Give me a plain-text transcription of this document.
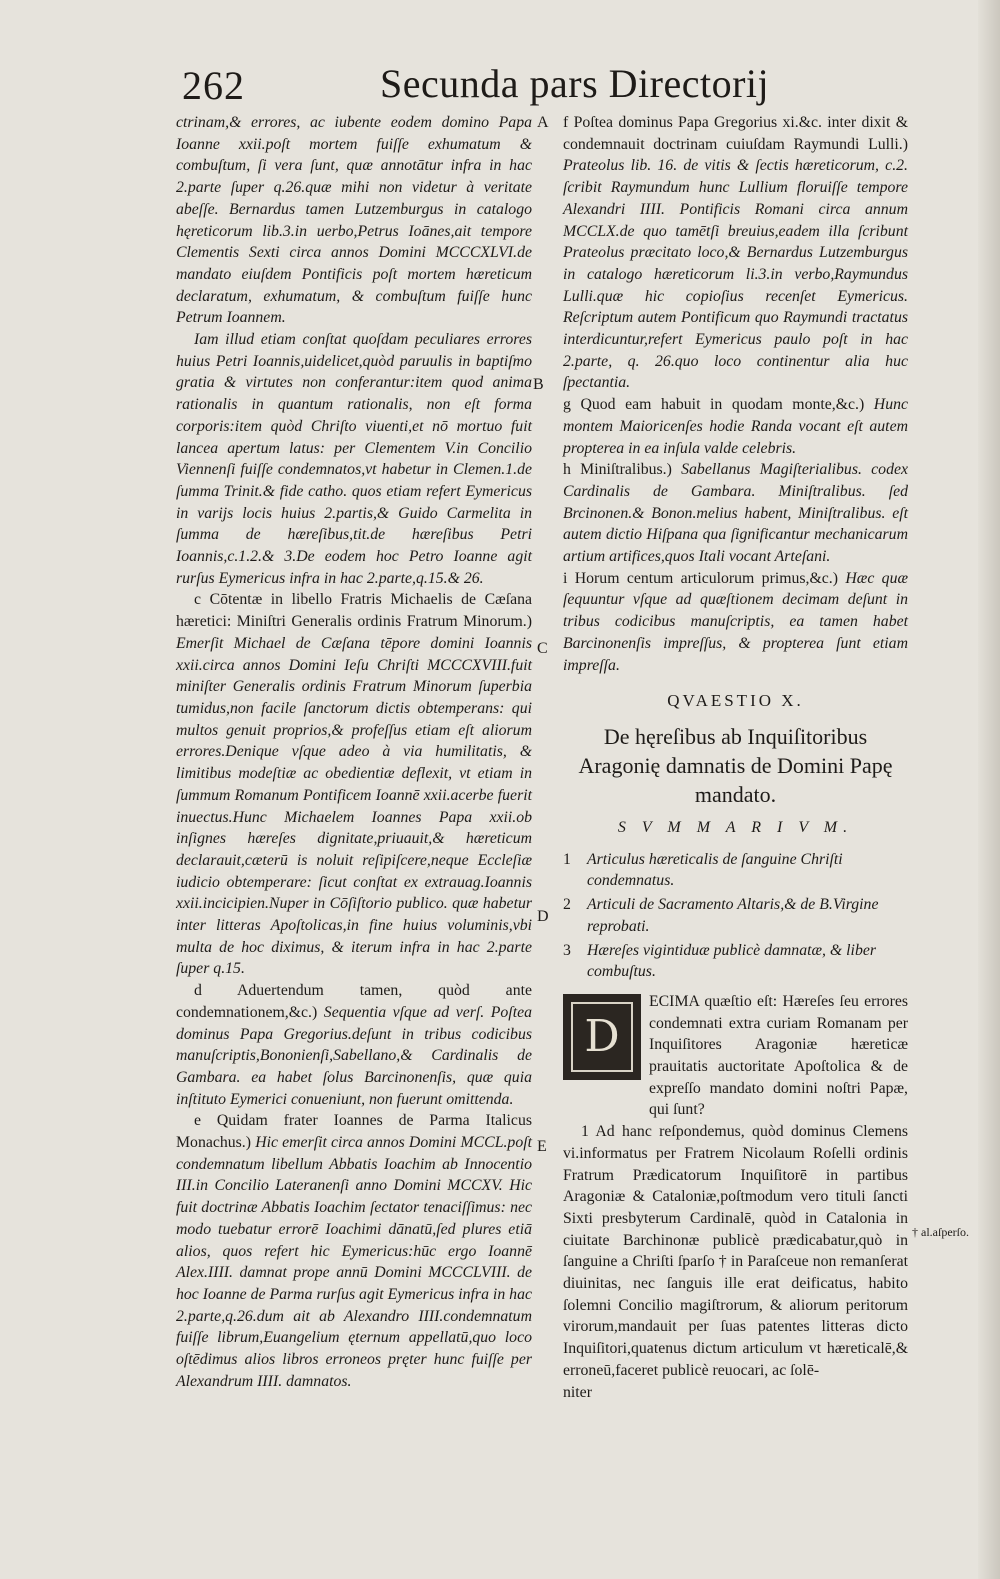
262	Secunda pars Directorij
A
B
C
D
E
† al.aſperſo.

ctrinam,& errores, ac iubente eodem domino Papa Ioanne xxii.poſt mortem fuiſſe exhumatum & combuſtum, ſi vera ſunt, quæ annotātur infra in hac 2.parte ſuper q.26.quæ mihi non videtur à veritate abeſſe. Bernardus tamen Lutzemburgus in catalogo hęreticorum lib.3.in uerbo,Petrus Ioānes,ait tempore Clementis Sexti circa annos Domini MCCCXLVI.de mandato eiuſdem Pontificis poſt mortem hæreticum declaratum, exhumatum, & combuſtum fuiſſe hunc Petrum Ioannem.

Iam illud etiam conſtat quoſdam peculiares errores huius Petri Ioannis,uidelicet,quòd paruulis in baptiſmo gratia & virtutes non conferantur:item quod anima rationalis in quantum rationalis, non eſt forma corporis:item quòd Chriſto viuenti,et nō mortuo fuit lancea apertum latus: per Clementem V.in Concilio Viennenſi fuiſſe condemnatos,vt habetur in Clemen.1.de ſumma Trinit.& fide catho. quos etiam refert Eymericus in varijs locis huius 2.partis,& Guido Carmelita in ſumma de hæreſibus,tit.de hæreſibus Petri Ioannis,c.1.2.& 3.De eodem hoc Petro Ioanne agit rurſus Eymericus infra in hac 2.parte,q.15.& 26.

c Cōtentæ in libello Fratris Michaelis de Cæſana hæretici: Miniſtri Generalis ordinis Fratrum Minorum.) Emerſit Michael de Cæſana tēpore domini Ioannis xxii.circa annos Domini Ieſu Chriſti MCCCXVIII.fuit miniſter Generalis ordinis Fratrum Minorum ſuperbia tumidus,non facile ſanctorum dictis obtemperans: qui multos genuit proprios,& profeſſus etiam eſt aliorum errores.Denique vſque adeo à via humilitatis, & limitibus modeſtiæ ac obedientiæ deflexit, vt etiam in ſummum Romanum Pontificem Ioannē xxii.acerbe fuerit inuectus.Hunc Michaelem Ioannes Papa xxii.ob inſignes hæreſes dignitate,priuauit,& hæreticum declarauit,cæterū is noluit reſipiſcere,neque Eccleſiæ iudicio obtemperare: ſicut conſtat ex extrauag.Ioannis xxii.incicipien.Nuper in Cōſiſtorio publico. quæ habetur inter litteras Apoſtolicas,in fine huius voluminis,vbi multa de hoc diximus, & iterum infra in hac 2.parte ſuper q.15.

d Aduertendum tamen, quòd ante condemnationem,&c.) Sequentia vſque ad verſ. Poſtea dominus Papa Gregorius.deſunt in tribus codicibus manuſcriptis,Bononienſi,Sabellano,& Cardinalis de Gambara. ea habet ſolus Barcinonenſis, quæ quia inſtituto Eymerici conueniunt, non fuerunt omittenda.

e Quidam frater Ioannes de Parma Italicus Monachus.) Hic emerſit circa annos Domini MCCL.poſt condemnatum libellum Abbatis Ioachim ab Innocentio III.in Concilio Lateranenſi anno Domini MCCXV. Hic fuit doctrinæ Abbatis Ioachim ſectator tenaciſſimus: nec modo tuebatur errorē Ioachimi dānatū,ſed plures etiā alios, quos refert hic Eymericus:hūc ergo Ioannē Alex.IIII. damnat prope annū Domini MCCCLVIII. de hoc Ioanne de Parma rurſus agit Eymericus infra in hac 2.parte,q.26.dum ait ab Alexandro IIII.condemnatum fuiſſe librum,Euangelium ęternum appellatū,quo loco oſtēdimus alios libros erroneos pręter hunc fuiſſe per Alexandrum IIII. damnatos.

f Poſtea dominus Papa Gregorius xi.&c. inter dixit & condemnauit doctrinam cuiuſdam Raymundi Lulli.) Prateolus lib. 16. de vitis & ſectis hæreticorum, c.2. ſcribit Raymundum hunc Lullium floruiſſe tempore Alexandri IIII. Pontificis Romani circa annum MCCLX.de quo tamētſi breuius,eadem illa ſcribunt Prateolus præcitato loco,& Bernardus Lutzemburgus in catalogo hæreticorum li.3.in verbo,Raymundus Lulli.quæ hic copioſius recenſet Eymericus. Reſcriptum autem Pontificum quo Raymundi tractatus interdicuntur,refert Eymericus paulo poſt in hac 2.parte, q. 26.quo loco continentur alia huc ſpectantia.

g Quod eam habuit in quodam monte,&c.) Hunc montem Maioricenſes hodie Randa vocant eſt autem propterea in ea inſula valde celebris.

h Miniſtralibus.) Sabellanus Magiſterialibus. codex Cardinalis de Gambara. Miniſtralibus. ſed Brcinonen.& Bonon.melius habent, Miniſtralibus. eſt autem dictio Hiſpana qua ſignificantur mechanicarum artium artifices,quos Itali vocant Arteſani.

i Horum centum articulorum primus,&c.) Hæc quæ ſequuntur vſque ad quæſtionem decimam deſunt in tribus codicibus manuſcriptis, ea tamen habet Barcinonenſis impreſſus, & propterea ſunt etiam impreſſa.

QVAESTIO X.
De hęreſibus ab Inquiſitoribus Aragonię damnatis de Domini Papę mandato.
S V M M A R I V M.
1	Articulus hæreticalis de ſanguine Chriſti condemnatus.
2	Articuli de Sacramento Altaris,& de B.Virgine reprobati.
3	Hæreſes vigintiduæ publicè damnatæ, & liber combuſtus.
D

ECIMA quæſtio eſt: Hæreſes ſeu errores condemnati extra curiam Romanam per Inquiſitores Aragoniæ hæreticæ prauitatis auctoritate Apoſtolica & de expreſſo mandato domini noſtri Papæ, qui ſunt?

1 Ad hanc reſpondemus, quòd dominus Clemens vi.informatus per Fratrem Nicolaum Roſelli ordinis Fratrum Prædicatorum Inquiſitorē in partibus Aragoniæ & Cataloniæ,poſtmodum vero tituli ſancti Sixti presbyterum Cardinalē, quòd in Catalonia in ciuitate Barchinonæ publicè prædicabatur,quò in ſanguine a Chriſti ſparſo † in Paraſceue non remanſerat diuinitas, nec ſanguis ille erat deificatus, habito ſolemni Concilio magiſtrorum, & aliorum peritorum virorum,mandauit per ſuas patentes litteras dicto Inquiſitori,quatenus dictum articulum vt hæreticalē,& erroneū,faceret publicè reuocari, ac ſolē-

niter
